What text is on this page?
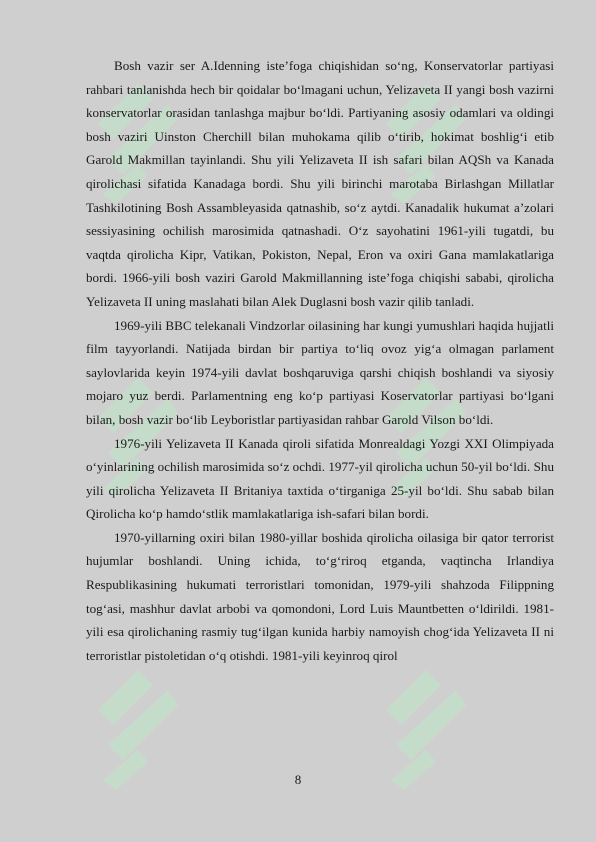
Bosh vazir ser A.Idenning iste’foga chiqishidan so‘ng, Konservatorlar partiyasi rahbari tanlanishda hech bir qoidalar bo‘lmagani uchun, Yelizaveta II yangi bosh vazirni konservatorlar orasidan tanlashga majbur bo‘ldi. Partiyaning asosiy odamlari va oldingi bosh vaziri Uinston Cherchill bilan muhokama qilib o‘tirib, hokimat boshlig‘i etib Garold Makmillan tayinlandi. Shu yili Yelizaveta II ish safari bilan AQSh va Kanada qirolichasi sifatida Kanadaga bordi. Shu yili birinchi marotaba Birlashgan Millatlar Tashkilotining Bosh Assambleyasida qatnashib, so‘z aytdi. Kanadalik hukumat a’zolari sessiyasining ochilish marosimida qatnashadi. O‘z sayohatini 1961-yili tugatdi, bu vaqtda qirolicha Kipr, Vatikan, Pokiston, Nepal, Eron va oxiri Gana mamlakatlariga bordi. 1966-yili bosh vaziri Garold Makmillanning iste’foga chiqishi sababi, qirolicha Yelizaveta II uning maslahati bilan Alek Duglasni bosh vazir qilib tanladi.

1969-yili BBC telekanali Vindzorlar oilasining har kungi yumushlari haqida hujjatli film tayyorlandi. Natijada birdan bir partiya to‘liq ovoz yig‘a olmagan parlament saylovlarida keyin 1974-yili davlat boshqaruviga qarshi chiqish boshlandi va siyosiy mojaro yuz berdi. Parlamentning eng ko‘p partiyasi Koservatorlar partiyasi bo‘lgani bilan, bosh vazir bo‘lib Leyboristlar partiyasidan rahbar Garold Vilson bo‘ldi.

1976-yili Yelizaveta II Kanada qiroli sifatida Monrealdagi Yozgi XXI Olimpiyada o‘yinlarining ochilish marosimida so‘z ochdi. 1977-yil qirolicha uchun 50-yil bo‘ldi. Shu yili qirolicha Yelizaveta II Britaniya taxtida o‘tirganiga 25-yil bo‘ldi. Shu sabab bilan Qirolicha ko‘p hamdo‘stlik mamlakatlariga ish-safari bilan bordi.

1970-yillarning oxiri bilan 1980-yillar boshida qirolicha oilasiga bir qator terrorist hujumlar boshlandi. Uning ichida, to‘g‘riroq etganda, vaqtincha Irlandiya Respublikasining hukumati terroristlari tomonidan, 1979-yili shahzoda Filippning tog‘asi, mashhur davlat arbobi va qomondoni, Lord Luis Mauntbetten o‘ldirildi. 1981-yili esa qirolichaning rasmiy tug‘ilgan kunida harbiy namoyish chog‘ida Yelizaveta II ni terroristlar pistoletidan o‘q otishdi. 1981-yili keyinroq qirol

8
